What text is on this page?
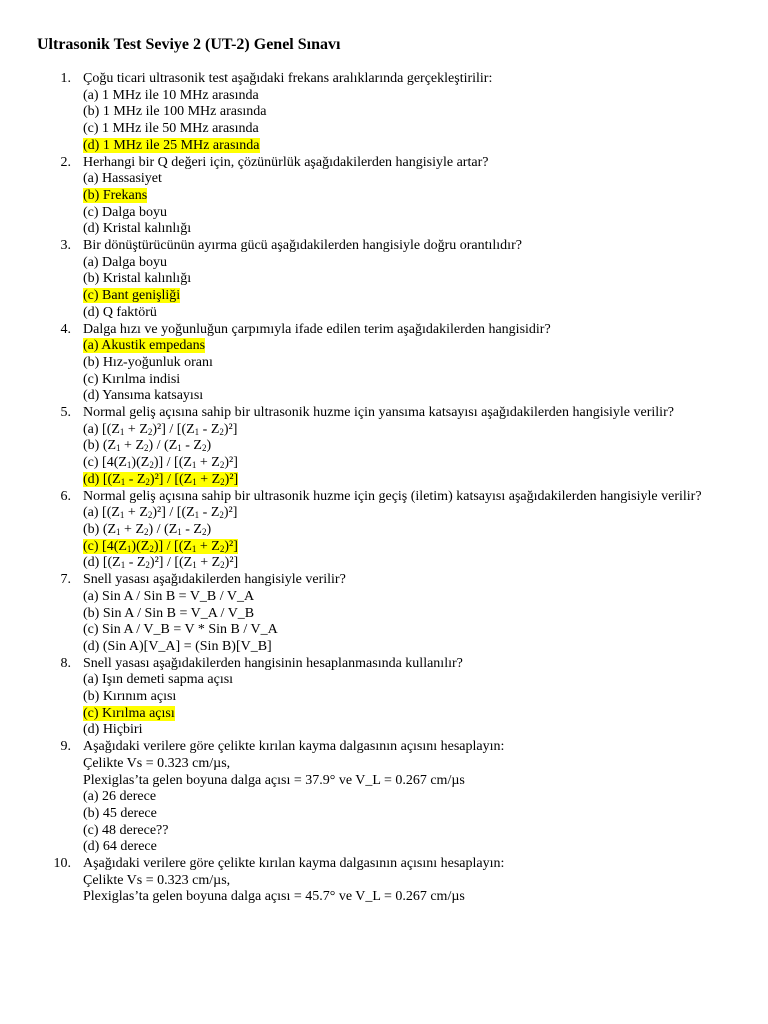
Ultrasonik Test Seviye 2 (UT-2) Genel Sınavı
1. Çoğu ticari ultrasonik test aşağıdaki frekans aralıklarında gerçekleştirilir:
(a) 1 MHz ile 10 MHz arasında
(b) 1 MHz ile 100 MHz arasında
(c) 1 MHz ile 50 MHz arasında
(d) 1 MHz ile 25 MHz arasında
2. Herhangi bir Q değeri için, çözünürlük aşağıdakilerden hangisiyle artar?
(a) Hassasiyet
(b) Frekans
(c) Dalga boyu
(d) Kristal kalınlığı
3. Bir dönüştürücünün ayırma gücü aşağıdakilerden hangisiyle doğru orantılıdır?
(a) Dalga boyu
(b) Kristal kalınlığı
(c) Bant genişliği
(d) Q faktörü
4. Dalga hızı ve yoğunluğun çarpımıyla ifade edilen terim aşağıdakilerden hangisidir?
(a) Akustik empedans
(b) Hız-yoğunluk oranı
(c) Kırılma indisi
(d) Yansıma katsayısı
5. Normal geliş açısına sahip bir ultrasonik huzme için yansıma katsayısı aşağıdakilerden hangisiyle verilir?
(a) $[(Z_1 + Z_2)^2] / [(Z_1 - Z_2)^2]$
(b) $(Z_1 + Z_2) / (Z_1 - Z_2)$
(c) $[4(Z_1)(Z_2)] / [(Z_1 + Z_2)^2]$
(d) $[(Z_1 - Z_2)^2] / [(Z_1 + Z_2)^2]$
6. Normal geliş açısına sahip bir ultrasonik huzme için geçiş (iletim) katsayısı aşağıdakilerden hangisiyle verilir?
(a) $[(Z_1 + Z_2)^2] / [(Z_1 - Z_2)^2]$
(b) $(Z_1 + Z_2) / (Z_1 - Z_2)$
(c) $[4(Z_1)(Z_2)] / [(Z_1 + Z_2)^2]$
(d) $[(Z_1 - Z_2)^2] / [(Z_1 + Z_2)^2]$
7. Snell yasası aşağıdakilerden hangisiyle verilir?
(a) Sin A / Sin B = V_B / V_A
(b) Sin A / Sin B = V_A / V_B
(c) Sin A / V_B = V * Sin B / V_A
(d) (Sin A)[V_A] = (Sin B)[V_B]
8. Snell yasası aşağıdakilerden hangisinin hesaplanmasında kullanılır?
(a) Işın demeti sapma açısı
(b) Kırınım açısı
(c) Kırılma açısı
(d) Hiçbiri
9. Aşağıdaki verilere göre çelikte kırılan kayma dalgasının açısını hesaplayın:
Çelikte Vs = 0.323 cm/µs,
Plexiglas’ta gelen boyuna dalga açısı = 37.9° ve V_L = 0.267 cm/µs
(a) 26 derece
(b) 45 derece
(c) 48 derece??
(d) 64 derece
10. Aşağıdaki verilere göre çelikte kırılan kayma dalgasının açısını hesaplayın:
Çelikte Vs = 0.323 cm/µs,
Plexiglas’ta gelen boyuna dalga açısı = 45.7° ve V_L = 0.267 cm/µs
